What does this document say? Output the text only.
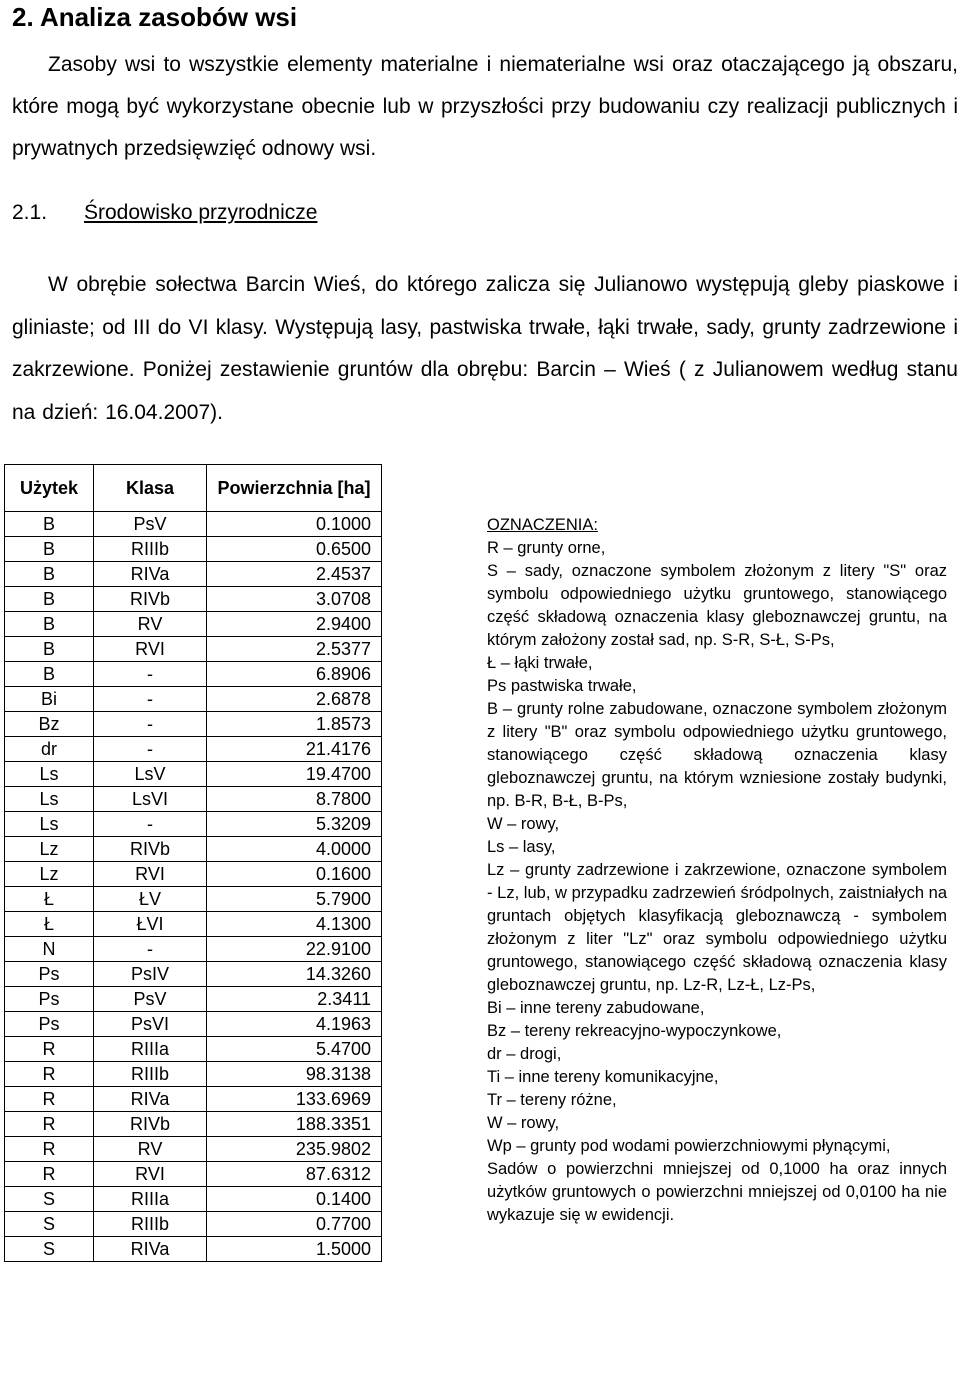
2. Analiza zasobów wsi

Zasoby wsi to wszystkie elementy materialne i niematerialne wsi oraz otaczającego ją obszaru, które mogą być wykorzystane obecnie lub w przyszłości przy budowaniu czy realizacji publicznych i prywatnych przedsięwzięć odnowy wsi.

2.1. Środowisko przyrodnicze

W obrębie sołectwa Barcin Wieś, do którego zalicza się Julianowo występują gleby piaskowe i gliniaste; od III do VI klasy. Występują lasy, pastwiska trwałe, łąki trwałe, sady, grunty zadrzewione i zakrzewione. Poniżej zestawienie gruntów dla obrębu: Barcin – Wieś ( z Julianowem według stanu na dzień: 16.04.2007).

Użytek	Klasa	Powierzchnia [ha]
B	PsV	0.1000
B	RIIIb	0.6500
B	RIVa	2.4537
B	RIVb	3.0708
B	RV	2.9400
B	RVI	2.5377
B	-	6.8906
Bi	-	2.6878
Bz	-	1.8573
dr	-	21.4176
Ls	LsV	19.4700
Ls	LsVI	8.7800
Ls	-	5.3209
Lz	RIVb	4.0000
Lz	RVI	0.1600
Ł	ŁV	5.7900
Ł	ŁVI	4.1300
N	-	22.9100
Ps	PsIV	14.3260
Ps	PsV	2.3411
Ps	PsVI	4.1963
R	RIIIa	5.4700
R	RIIIb	98.3138
R	RIVa	133.6969
R	RIVb	188.3351
R	RV	235.9802
R	RVI	87.6312
S	RIIIa	0.1400
S	RIIIb	0.7700
S	RIVa	1.5000
OZNACZENIA:
R – grunty orne,
S – sady, oznaczone symbolem złożonym z litery "S" oraz symbolu odpowiedniego użytku gruntowego, stanowiącego część składową oznaczenia klasy gleboznawczej gruntu, na którym założony został sad, np. S-R, S-Ł, S-Ps,
Ł – łąki trwałe,
Ps pastwiska trwałe,
B – grunty rolne zabudowane, oznaczone symbolem złożonym z litery "B" oraz symbolu odpowiedniego użytku gruntowego, stanowiącego część składową oznaczenia klasy gleboznawczej gruntu, na którym wzniesione zostały budynki, np. B-R, B-Ł, B-Ps,
W – rowy,
Ls – lasy,
Lz – grunty zadrzewione i zakrzewione, oznaczone symbolem - Lz, lub, w przypadku zadrzewień śródpolnych, zaistniałych na gruntach objętych klasyfikacją gleboznawczą - symbolem złożonym z liter "Lz" oraz symbolu odpowiedniego użytku gruntowego, stanowiącego część składową oznaczenia klasy gleboznawczej gruntu, np. Lz-R, Lz-Ł, Lz-Ps,
Bi – inne tereny zabudowane,
Bz – tereny rekreacyjno-wypoczynkowe,
dr – drogi,
Ti – inne tereny komunikacyjne,
Tr – tereny różne,
W – rowy,
Wp – grunty pod wodami powierzchniowymi płynącymi,
Sadów o powierzchni mniejszej od 0,1000 ha oraz innych użytków gruntowych o powierzchni mniejszej od 0,0100 ha nie wykazuje się w ewidencji.
